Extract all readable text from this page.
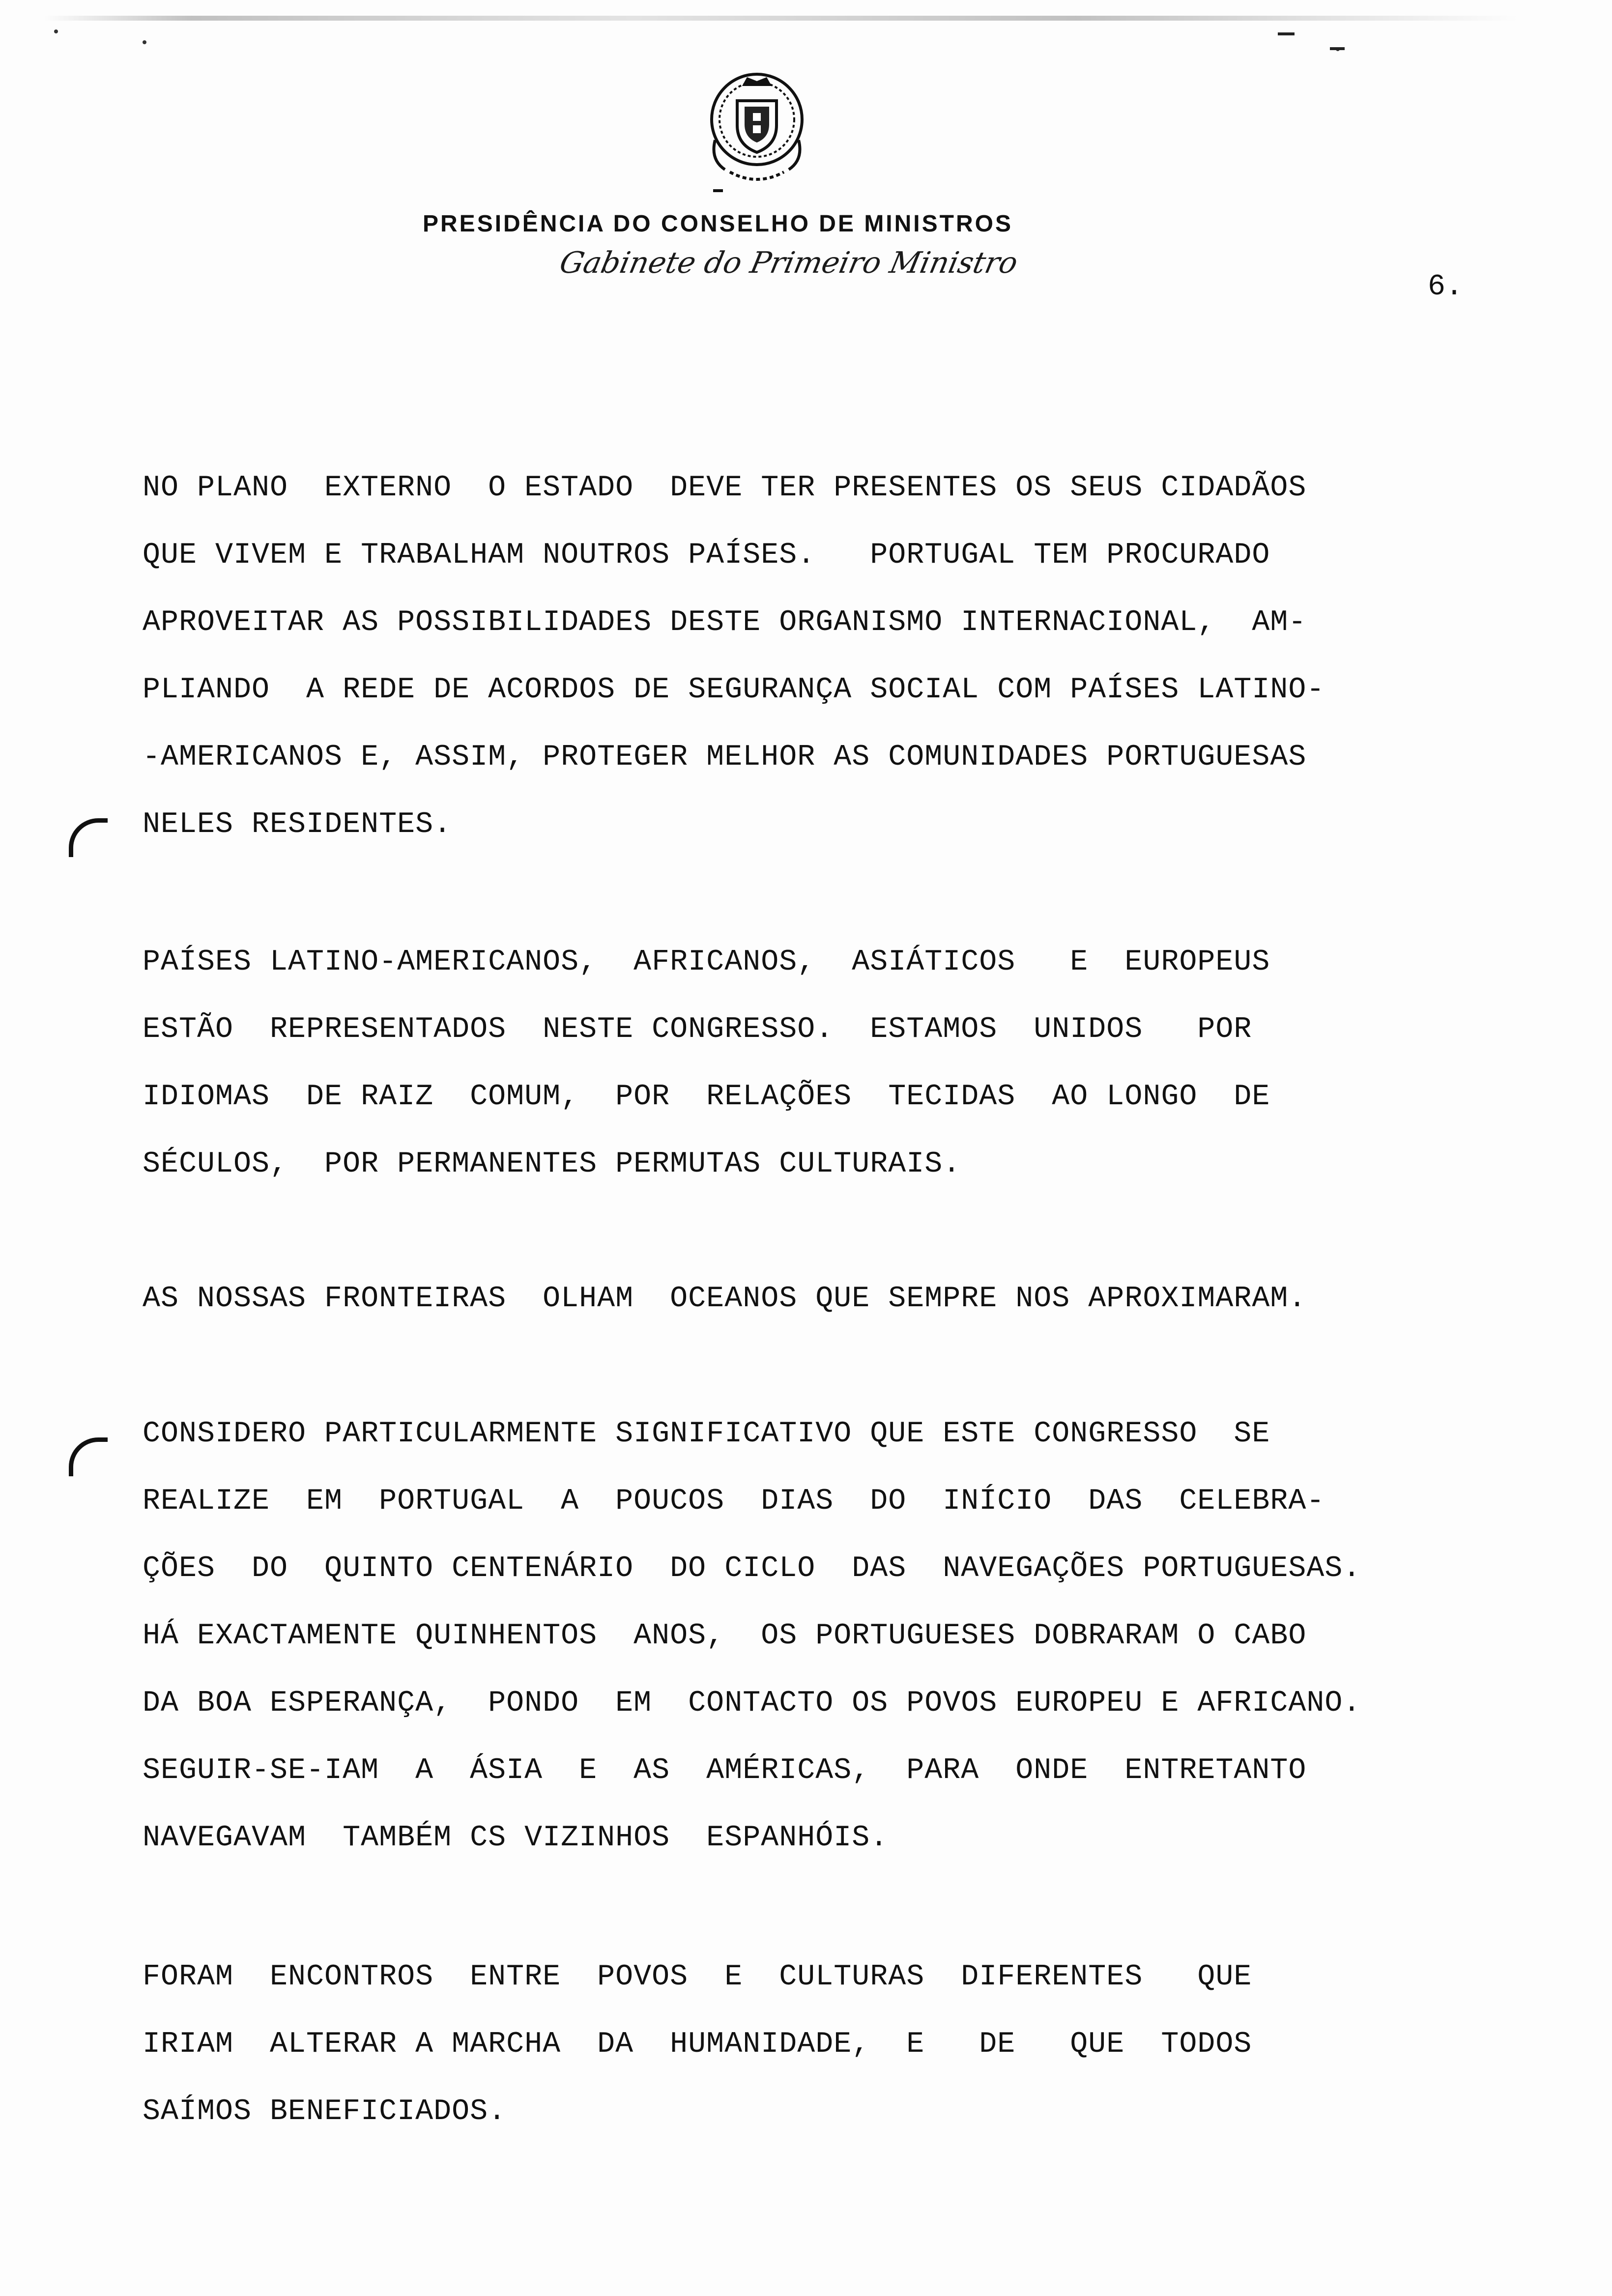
PRESIDÊNCIA DO CONSELHO DE MINISTROS
Gabinete do Primeiro Ministro
6.
NO PLANO  EXTERNO  O ESTADO  DEVE TER PRESENTES OS SEUS CIDADÃOS
QUE VIVEM E TRABALHAM NOUTROS PAÍSES.   PORTUGAL TEM PROCURADO
APROVEITAR AS POSSIBILIDADES DESTE ORGANISMO INTERNACIONAL,  AM-
PLIANDO  A REDE DE ACORDOS DE SEGURANÇA SOCIAL COM PAÍSES LATINO-
-AMERICANOS E, ASSIM, PROTEGER MELHOR AS COMUNIDADES PORTUGUESAS
NELES RESIDENTES.
PAÍSES LATINO-AMERICANOS,  AFRICANOS,  ASIÁTICOS   E  EUROPEUS
ESTÃO  REPRESENTADOS  NESTE CONGRESSO.  ESTAMOS  UNIDOS   POR
IDIOMAS  DE RAIZ  COMUM,  POR  RELAÇÕES  TECIDAS  AO LONGO  DE
SÉCULOS,  POR PERMANENTES PERMUTAS CULTURAIS.
AS NOSSAS FRONTEIRAS  OLHAM  OCEANOS QUE SEMPRE NOS APROXIMARAM.
CONSIDERO PARTICULARMENTE SIGNIFICATIVO QUE ESTE CONGRESSO  SE
REALIZE  EM  PORTUGAL  A  POUCOS  DIAS  DO  INÍCIO  DAS  CELEBRA-
ÇÕES  DO  QUINTO CENTENÁRIO  DO CICLO  DAS  NAVEGAÇÕES PORTUGUESAS.
HÁ EXACTAMENTE QUINHENTOS  ANOS,  OS PORTUGUESES DOBRARAM O CABO
DA BOA ESPERANÇA,  PONDO  EM  CONTACTO OS POVOS EUROPEU E AFRICANO.
SEGUIR-SE-IAM  A  ÁSIA  E  AS  AMÉRICAS,  PARA  ONDE  ENTRETANTO
NAVEGAVAM  TAMBÉM CS VIZINHOS  ESPANHÓIS.
FORAM  ENCONTROS  ENTRE  POVOS  E  CULTURAS  DIFERENTES   QUE
IRIAM  ALTERAR A MARCHA  DA  HUMANIDADE,  E   DE   QUE  TODOS
SAÍMOS BENEFICIADOS.
